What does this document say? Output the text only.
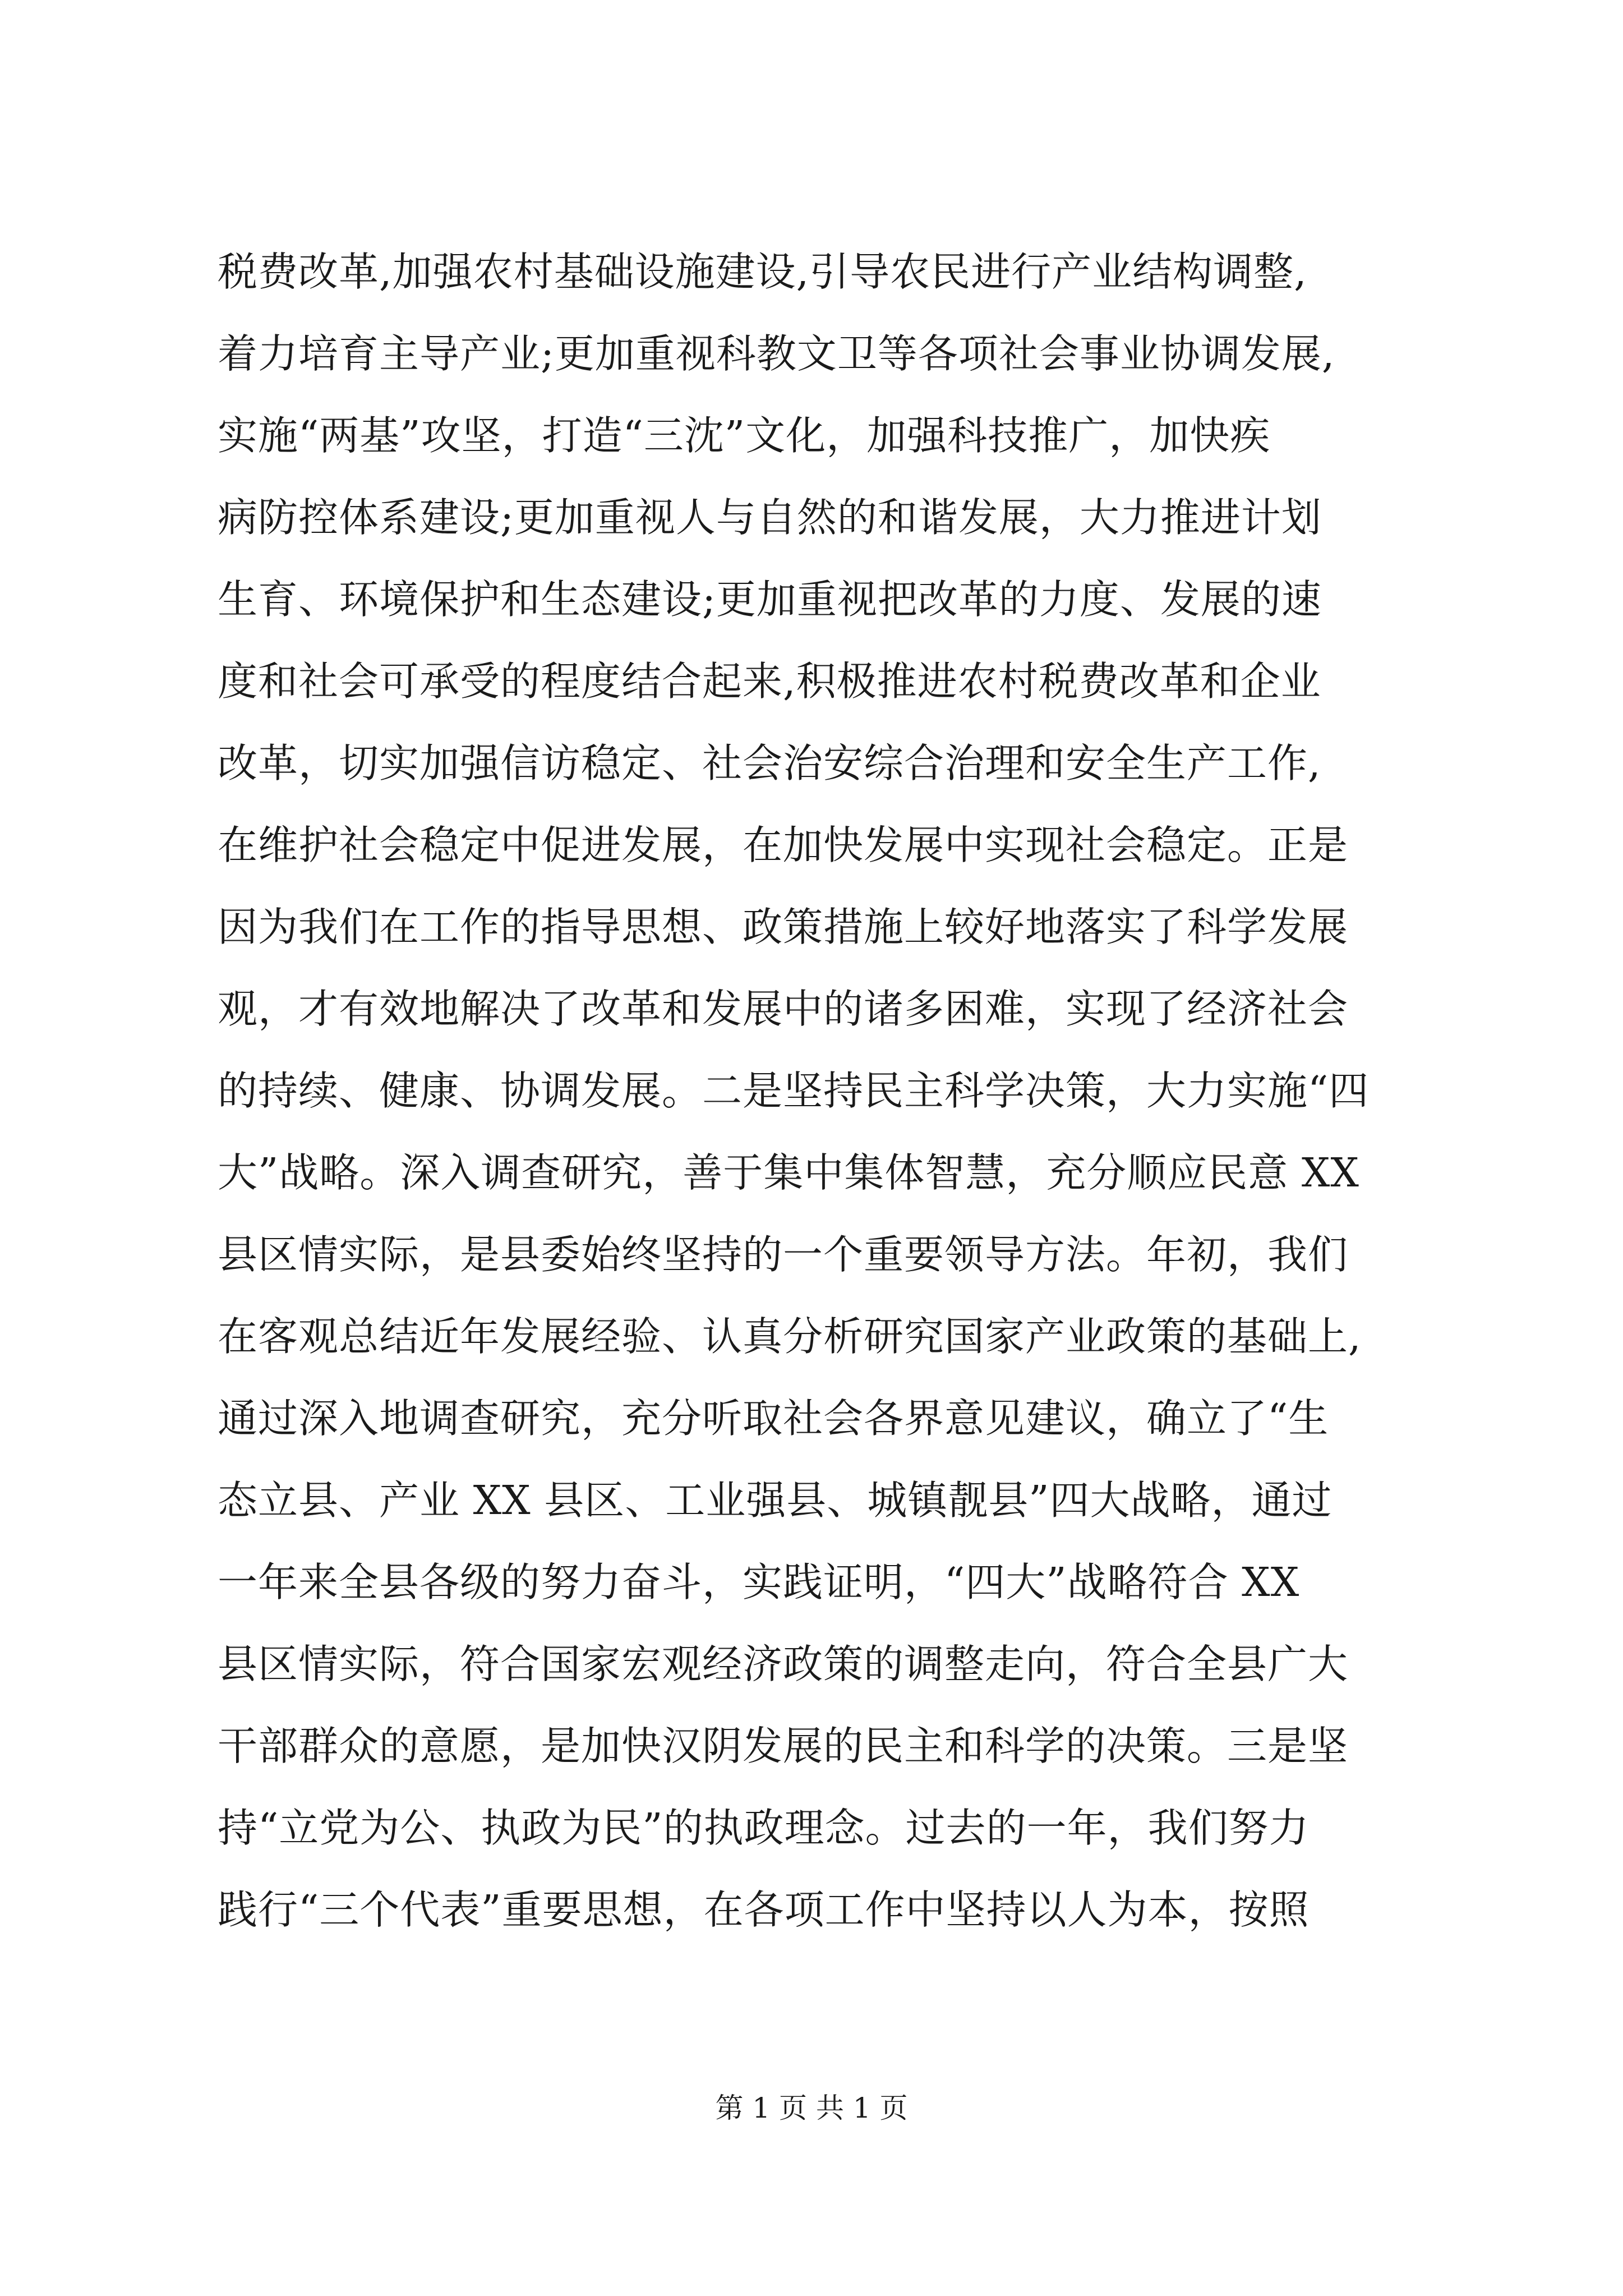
税费改革,加强农村基础设施建设,引导农民进行产业结构调整,
着力培育主导产业;更加重视科教文卫等各项社会事业协调发展,
实施“两基”攻坚，打造“三沈”文化，加强科技推广，加快疾
病防控体系建设;更加重视人与自然的和谐发展，大力推进计划
生育、环境保护和生态建设;更加重视把改革的力度、发展的速
度和社会可承受的程度结合起来,积极推进农村税费改革和企业
改革，切实加强信访稳定、社会治安综合治理和安全生产工作,
在维护社会稳定中促进发展，在加快发展中实现社会稳定。正是
因为我们在工作的指导思想、政策措施上较好地落实了科学发展
观，才有效地解决了改革和发展中的诸多困难，实现了经济社会
的持续、健康、协调发展。二是坚持民主科学决策，大力实施“四
大”战略。深入调查研究，善于集中集体智慧，充分顺应民意 XX
县区情实际，是县委始终坚持的一个重要领导方法。年初，我们
在客观总结近年发展经验、认真分析研究国家产业政策的基础上,
通过深入地调查研究，充分听取社会各界意见建议，确立了“生
态立县、产业 XX 县区、工业强县、城镇靓县”四大战略，通过
一年来全县各级的努力奋斗，实践证明，“四大”战略符合 XX
县区情实际，符合国家宏观经济政策的调整走向，符合全县广大
干部群众的意愿，是加快汉阴发展的民主和科学的决策。三是坚
持“立党为公、执政为民”的执政理念。过去的一年，我们努力
践行“三个代表”重要思想，在各项工作中坚持以人为本，按照
第 1 页 共 1 页
